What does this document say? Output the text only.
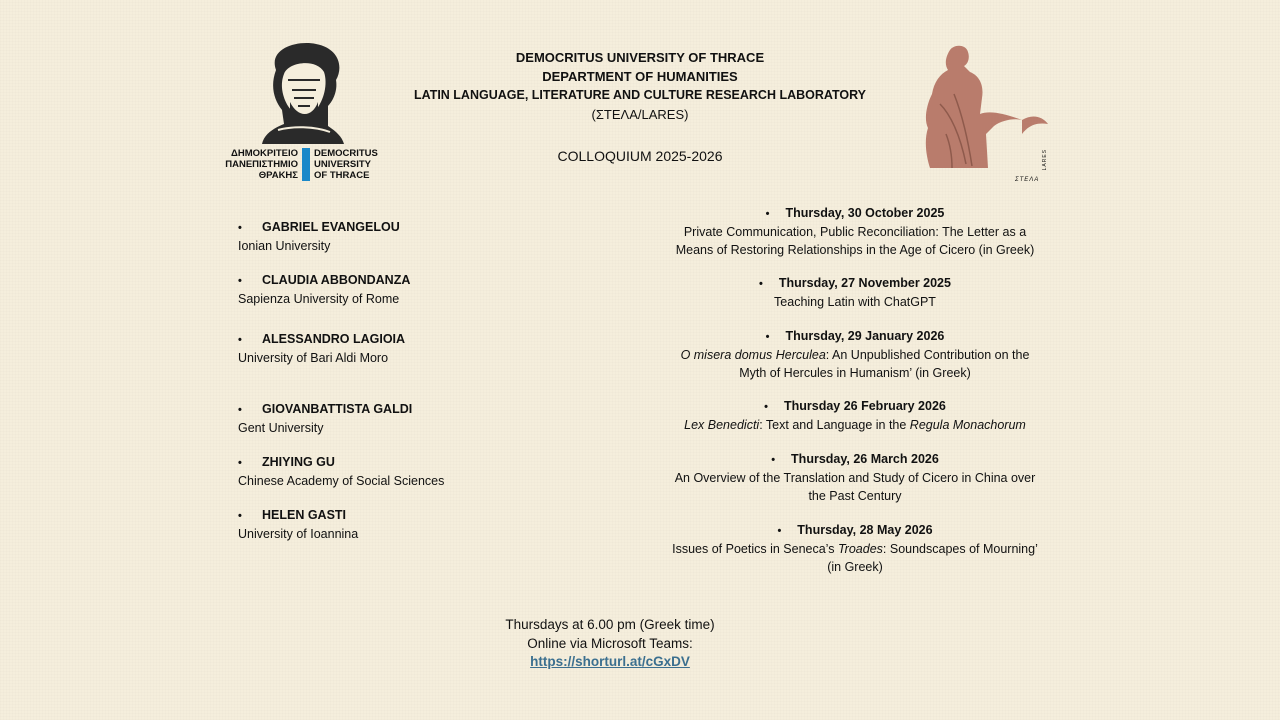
ΔΗΜΟΚΡΙΤΕΙΟ
ΠΑΝΕΠΙΣΤΗΜΙΟ
ΘΡΑΚΗΣ
DEMOCRITUS
UNIVERSITY
OF THRACE
DEMOCRITUS UNIVERSITY OF THRACE
DEPARTMENT OF HUMANITIES
LATIN LANGUAGE, LITERATURE AND CULTURE RESEARCH LABORATORY
(ΣΤΕΛΑ/LARES)
COLLOQUIUM 2025-2026	LARES
ΣΤΕΛΑ
• GABRIEL EVANGELOU
Ionian University
• CLAUDIA ABBONDANZA
Sapienza University of Rome
• ALESSANDRO LAGIOIA
University of Bari Aldi Moro
• GIOVANBATTISTA GALDI
Gent University
• ZHIYING GU
Chinese Academy of Social Sciences
• HELEN GASTI
University of Ioannina
• Thursday, 30 October 2025
Private Communication, Public Reconciliation: The Letter as a
Means of Restoring Relationships in the Age of Cicero (in Greek)
• Thursday, 27 November 2025
Teaching Latin with ChatGPT
• Thursday, 29 January 2026
O misera domus Herculea: An Unpublished Contribution on the
Myth of Hercules in Humanism’ (in Greek)
• Thursday 26 February 2026
Lex Benedicti: Text and Language in the Regula Monachorum
• Thursday, 26 March 2026
An Overview of the Translation and Study of Cicero in China over
the Past Century
• Thursday, 28 May 2026
Issues of Poetics in Seneca’s Troades: Soundscapes of Mourning’
(in Greek)
Thursdays at 6.00 pm (Greek time)
Online via Microsoft Teams:
https://shorturl.at/cGxDV
